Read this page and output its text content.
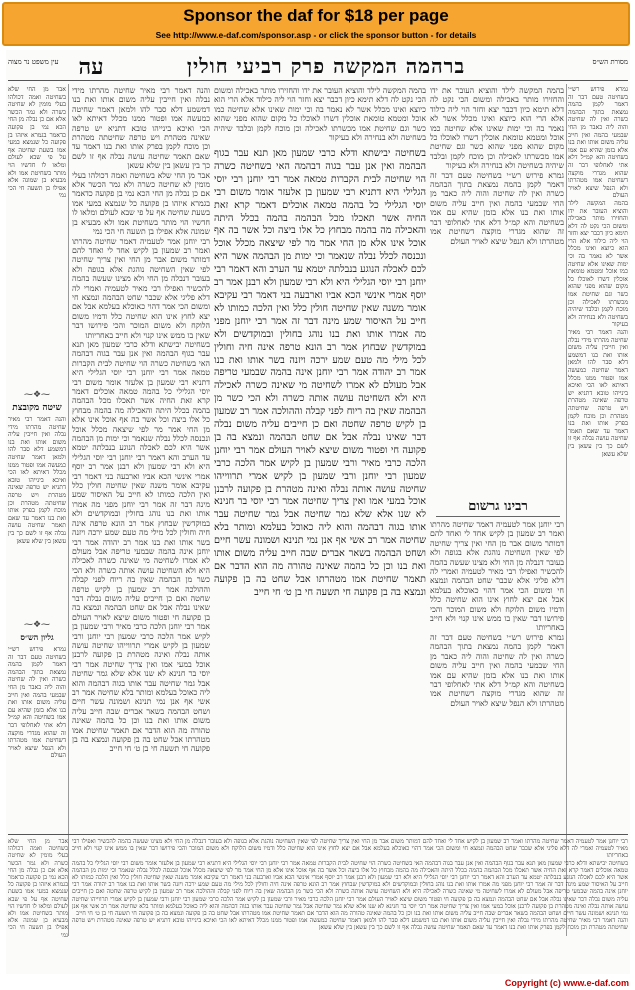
Sponsor the daf for $18 per page
See http://www.e-daf.com/sponsor.asp - or click the sponsor button - for details
מסורת הש״ס
ברהמה המקשה פרק רביעי חולין
עה
עין משפט נר מצוה
גמרא פירוש רש״י בשחיטה טעם דבר זה דאמר לקמן בהמה נמצאת בתוך הבהמה כשרה ואין לה שחיטה והוה ליה כאבר מן החי שבמעי בהמה ואין חייב עליה משום אותו ואת בנו אלא בזמן שהיא עם אמו בשחיטה והא קמ״ל דלא אתי לאחלופי דבר זה שהוא מגדרי מוקצה דשחיטת אמו מטהרתו ולא הנפל שיצא לאויר העולם
בהמה המקשה לילד והוציא העובר את ידו והחזירו מותר באכילה ומשום הכי נקט לה דלא תימא כיון דכבר יצא וחזר הוי ליה כילוד אלא הרי הוא כיוצא ואינו מכלל אשר לא נאמר בה וכי ימות שאינו אלא שחיטה כמו אוכל ומטמא טומאת אוכלין דשרו לאוכלו כל מקום שהוא מפני שהוא כשר וגם שחיטת אמו מכשרתו לאכילה וכן מוכח לקמן ובלבד שיהיה בשחיטה ולא בנחירה ולא בעיקור
והנה דאמר רבי מאיר שחיטה מהרתו מידי נבלה ואין חייבין עליה משום אותו ואת בנו דמשמע דלא סבר להו ולמאן דאמר שחיטה כמעשה אמו ופטור ממנו מכלל דאיתא לאו הכי ואיכא בינייהו טובא דתניא יש טרפה שאינה מטהרת ויש טרפה שחיטתה מטהרת וכן מוכח לקמן בפרק אותו ואת בנו דאמר עד שאם תאמר שחיטה עושה נבלה אף זו לשם כך בין עשאן בין שלא עשאן
בהמה המקשה לילד והוציא העובר את ידו והחזירו מותר באכילה ומשום הכי נקט לה דלא תימא כיון דכבר יצא וחזר הוי ליה כילוד אלא הרי הוא כיוצא ואינו מכלל אשר לא נאמר בה וכי ימות שאינו אלא שחיטה כמו אוכל ומטמא טומאת אוכלין דשרו לאוכלו כל מקום שהוא מפני שהוא כשר וגם שחיטת אמו מכשרתו לאכילה וכן מוכח לקמן ובלבד שיהיה בשחיטה ולא בנחירה ולא בעיקור
גמרא פירוש רש״י בשחיטה טעם דבר זה דאמר לקמן בהמה נמצאת בתוך הבהמה כשרה ואין לה שחיטה והוה ליה כאבר מן החי שבמעי בהמה ואין חייב עליה משום אותו ואת בנו אלא בזמן שהיא עם אמו בשחיטה והא קמ״ל דלא אתי לאחלופי דבר זה שהוא מגדרי מוקצה דשחיטת אמו מטהרתו ולא הנפל שיצא לאויר העולם
רבינו גרשום
רבי יוחנן אמר לטעמיה דאמר שחיטה מהרתו ואמר רב שמעון בן לקיש אחד לי ואחד להם דמותר משום אבר מן החי ואין צריך שחיטה לפי שאין השחיטה נוהגת אלא בגופה ולא בעובר דנבלה מן החי ולא מצינו שעשה בהמה להכשיר ואפילו רבי מאיר לטעמיה ואמרי לה דלא פליגי אלא שכבר שחט הבהמה ונמצא חי ומשום הכי אמר דהוי כאוכלא בעלמא אבל אם יצא לחוץ אינו הוא שחיטה כלל ודמיו משום הלוקח ולא משום המוכר והכי פירושו דבר שאין בו ממש אינו קנוי ולא חייב באחריותו
גמרא פירוש רש״י בשחיטה טעם דבר זה דאמר לקמן בהמה נמצאת בתוך הבהמה כשרה ואין לה שחיטה והוה ליה כאבר מן החי שבמעי בהמה ואין חייב עליה משום אותו ואת בנו אלא בזמן שהיא עם אמו בשחיטה והא קמ״ל דלא אתי לאחלופי דבר זה שהוא מגדרי מוקצה דשחיטת אמו מטהרתו ולא הנפל שיצא לאויר העולם
בשחיטה יבישתא ודלא כרבי שמעון מאן תנא עבר בגוף הבהמה ואין אנן עבר בגוה דבהמה האי בשחיטה כשרה הוי שחיטה לבית הקברות טמאה אמר רבי יוחנן רבי יוסי הגלילי היא דתניא רבי שמעון בן אלעזר אומר משום רבי יוסי הגלילי כל בהמה טמאה אוכלים דאמר קרא זאת החיה אשר תאכלו מכל הבהמה בהמה בכלל היתה והאכילה מה בהמה מבחוץ כל אלו ביצה וכל אשר בה אף אוכל אינו אלא מן החי אמר מר לפי שיצאה מכלל אוכל ונכנסה לכלל נבלה שנאמר וכי ימות מן הבהמה אשר היא לכם לאכלה הנוגע בנבלתה יטמא עד הערב והא דאמר רבי יוחנן רבי יוסי הגלילי היא ולא רבי שמעון ולא רבנן אמר רב יוסף אמרי אינשי הכא אביו וארבעה בני דאמר רבי עקיבא אומר משנה שאין שחיטה חולין כלל ואין הלכה כמותו לא חייב על האיסור שמע מינה דבר זה אמר רבי יוחנן מפני מה אמרו אותו ואת בנו נוהג בחולין ובמוקדשים ולא במוקדשין שבחוץ אמר רב הונא טרפה אינה חיה וחולין לכל מילי מה טעם שמע ירכה ויזנה בשר אותו ואת בנו אמר רב יהודה אמר רבי יוחנן אינה בהמה שבמעי טריפה אבל מעולם לא אמרו לשחיטה מי שאינה כשרה לאכילה היא ולא השחיטה עושה אותה כשרה ולא הכי כשר מן הבהמה שאין בה ריוח לפני קבלה וההולכה אמר רב שמעון בן לקיש טרפה שחטה ואם כן חייבים עליה משום נבלה דבר שאינו נבלה אבל אם שחט הבהמה ונמצא בה בן פקועה חי ופטור משום שיצא לאויר העולם אמר רבי יוחנן הלכה כרבי מאיר ורבי שמעון בן לקיש אמר הלכה כרבי שמעון רבי יוחנן ורבי שמעון בן לקיש אמרי תרווייהו שחיטה עושה אותה נבלה ואינה מטהרת בן פקועה לרבנן אוכל במעי אמו ואין צריך שחיטה אמר רבי יוסי בר חנינא לא שנו אלא שלא גמר שחיטה אבל גמר שחיטה עבר אותו בגוה דבהמה והוא ליה כאוכל בעלמא ומותר בלא שחיטה אמר רב אשי אף אנן נמי תנינא ושמונה עשר חיים ושחט הבהמה בשאר אברים שבה חייב עליה משום אותו ואת בנו וכן כל בהמה שאינה טהורה מה הוא הדבר אם תאמר שחיטת אמו מטהרתו אבל שחט בה בן פקועה ונמצא בה בן פקועה חי תשעה חי בן ט׳ חי חייב
בהמה המקשה לילד והוציא העובר את ידו והחזירו מותר באכילה ומשום הכי נקט לה דלא תימא כיון דכבר יצא וחזר הוי ליה כילוד אלא הרי הוא כיוצא ואינו מכלל אשר לא נאמר בה וכי ימות שאינו אלא שחיטה כמו אוכל ומטמא טומאת אוכלין דשרו לאוכלו כל מקום שהוא מפני שהוא כשר וגם שחיטת אמו מכשרתו לאכילה וכן מוכח לקמן ובלבד שיהיה בשחיטה ולא בנחירה ולא בעיקור
והנה דאמר רבי מאיר שחיטה מהרתו מידי נבלה ואין חייבין עליה משום אותו ואת בנו דמשמע דלא סבר להו ולמאן דאמר שחיטה כמעשה אמו ופטור ממנו מכלל דאיתא לאו הכי ואיכא בינייהו טובא דתניא יש טרפה שאינה מטהרת ויש טרפה שחיטתה מטהרת וכן מוכח לקמן בפרק אותו ואת בנו דאמר עד שאם תאמר שחיטה עושה נבלה אף זו לשם כך בין עשאן בין שלא עשאן
אבר מן החי שלא בשחיטה ואמה דכולהו בעלי מומין לא שחיטה כשרה ולא גמר הכשר אלא אם כן נבלה מן החי הכא נמי בן פקועה כדאמר בגמרא איזהו בן פקועה כל שנמצא במעי אמו בשעת שחיטה אף על פי שבא לעולם ומלאו לו חדשיו הוי מותר בשחיטת אמו ולא מבעיא בן שמונה אלא אפילו בן תשעה חי הכי נמי
רבי יוחנן אמר לטעמיה דאמר שחיטה מהרתו ואמר רב שמעון בן לקיש אחד לי ואחד להם דמותר משום אבר מן החי ואין צריך שחיטה לפי שאין השחיטה נוהגת אלא בגופה ולא בעובר דנבלה מן החי ולא מצינו שעשה בהמה להכשיר ואפילו רבי מאיר לטעמיה ואמרי לה דלא פליגי אלא שכבר שחט הבהמה ונמצא חי ומשום הכי אמר דהוי כאוכלא בעלמא אבל אם יצא לחוץ אינו הוא שחיטה כלל ודמיו משום הלוקח ולא משום המוכר והכי פירושו דבר שאין בו ממש אינו קנוי ולא חייב באחריותו
בשחיטה יבישתא ודלא כרבי שמעון מאן תנא עבר בגוף הבהמה ואין אנן עבר בגוה דבהמה האי בשחיטה כשרה הוי שחיטה לבית הקברות טמאה אמר רבי יוחנן רבי יוסי הגלילי היא דתניא רבי שמעון בן אלעזר אומר משום רבי יוסי הגלילי כל בהמה טמאה אוכלים דאמר קרא זאת החיה אשר תאכלו מכל הבהמה בהמה בכלל היתה והאכילה מה בהמה מבחוץ כל אלו ביצה וכל אשר בה אף אוכל אינו אלא מן החי אמר מר לפי שיצאה מכלל אוכל ונכנסה לכלל נבלה שנאמר וכי ימות מן הבהמה אשר היא לכם לאכלה הנוגע בנבלתה יטמא עד הערב והא דאמר רבי יוחנן רבי יוסי הגלילי היא ולא רבי שמעון ולא רבנן אמר רב יוסף אמרי אינשי הכא אביו וארבעה בני דאמר רבי עקיבא אומר משנה שאין שחיטה חולין כלל ואין הלכה כמותו לא חייב על האיסור שמע מינה דבר זה אמר רבי יוחנן מפני מה אמרו אותו ואת בנו נוהג בחולין ובמוקדשים ולא במוקדשין שבחוץ אמר רב הונא טרפה אינה חיה וחולין לכל מילי מה טעם שמע ירכה ויזנה בשר אותו ואת בנו אמר רב יהודה אמר רבי יוחנן אינה בהמה שבמעי טריפה אבל מעולם לא אמרו לשחיטה מי שאינה כשרה לאכילה היא ולא השחיטה עושה אותה כשרה ולא הכי כשר מן הבהמה שאין בה ריוח לפני קבלה וההולכה אמר רב שמעון בן לקיש טרפה שחטה ואם כן חייבים עליה משום נבלה דבר שאינו נבלה אבל אם שחט הבהמה ונמצא בה בן פקועה חי ופטור משום שיצא לאויר העולם אמר רבי יוחנן הלכה כרבי מאיר ורבי שמעון בן לקיש אמר הלכה כרבי שמעון רבי יוחנן ורבי שמעון בן לקיש אמרי תרווייהו שחיטה עושה אותה נבלה ואינה מטהרת בן פקועה לרבנן אוכל במעי אמו ואין צריך שחיטה אמר רבי יוסי בר חנינא לא שנו אלא שלא גמר שחיטה אבל גמר שחיטה עבר אותו בגוה דבהמה והוא ליה כאוכל בעלמא ומותר בלא שחיטה אמר רב אשי אף אנן נמי תנינא ושמונה עשר חיים ושחט הבהמה בשאר אברים שבה חייב עליה משום אותו ואת בנו וכן כל בהמה שאינה טהורה מה הוא הדבר אם תאמר שחיטת אמו מטהרתו אבל שחט בה בן פקועה ונמצא בה בן פקועה חי תשעה חי בן ט׳ חי חייב
אבר מן החי שלא בשחיטה ואמה דכולהו בעלי מומין לא שחיטה כשרה ולא גמר הכשר אלא אם כן נבלה מן החי הכא נמי בן פקועה כדאמר בגמרא איזהו בן פקועה כל שנמצא במעי אמו בשעת שחיטה אף על פי שבא לעולם ומלאו לו חדשיו הוי מותר בשחיטת אמו ולא מבעיא בן שמונה אלא אפילו בן תשעה חי הכי נמי
⁓❖⁓
שיטה מקובצת
והנה דאמר רבי מאיר שחיטה מהרתו מידי נבלה ואין חייבין עליה משום אותו ואת בנו דמשמע דלא סבר להו ולמאן דאמר שחיטה כמעשה אמו ופטור ממנו מכלל דאיתא לאו הכי ואיכא בינייהו טובא דתניא יש טרפה שאינה מטהרת ויש טרפה שחיטתה מטהרת וכן מוכח לקמן בפרק אותו ואת בנו דאמר עד שאם תאמר שחיטה עושה נבלה אף זו לשם כך בין עשאן בין שלא עשאן
⁓❖⁓
גליון הש״ס
גמרא פירוש רש״י בשחיטה טעם דבר זה דאמר לקמן בהמה נמצאת בתוך הבהמה כשרה ואין לה שחיטה והוה ליה כאבר מן החי שבמעי בהמה ואין חייב עליה משום אותו ואת בנו אלא בזמן שהיא עם אמו בשחיטה והא קמ״ל דלא אתי לאחלופי דבר זה שהוא מגדרי מוקצה דשחיטת אמו מטהרתו ולא הנפל שיצא לאויר העולם
רבי יוחנן אמר לטעמיה דאמר שחיטה מהרתו ואמר רב שמעון בן לקיש אחד לי ואחד להם דמותר משום אבר מן החי ואין צריך שחיטה לפי שאין השחיטה נוהגת אלא בגופה ולא בעובר דנבלה מן החי ולא מצינו שעשה בהמה להכשיר ואפילו רבי מאיר לטעמיה ואמרי לה דלא פליגי אלא שכבר שחט הבהמה ונמצא חי ומשום הכי אמר דהוי כאוכלא בעלמא אבל אם יצא לחוץ אינו הוא שחיטה כלל ודמיו משום הלוקח ולא משום המוכר והכי פירושו דבר שאין בו ממש אינו קנוי ולא חייב באחריותו
בשחיטה יבישתא ודלא כרבי שמעון מאן תנא עבר בגוף הבהמה ואין אנן עבר בגוה דבהמה האי בשחיטה כשרה הוי שחיטה לבית הקברות טמאה אמר רבי יוחנן רבי יוסי הגלילי היא דתניא רבי שמעון בן אלעזר אומר משום רבי יוסי הגלילי כל בהמה טמאה אוכלים דאמר קרא זאת החיה אשר תאכלו מכל הבהמה בהמה בכלל היתה והאכילה מה בהמה מבחוץ כל אלו ביצה וכל אשר בה אף אוכל אינו אלא מן החי אמר מר לפי שיצאה מכלל אוכל ונכנסה לכלל נבלה שנאמר וכי ימות מן הבהמה אשר היא לכם לאכלה הנוגע בנבלתה יטמא עד הערב והא דאמר רבי יוחנן רבי יוסי הגלילי היא ולא רבי שמעון ולא רבנן אמר רב יוסף אמרי אינשי הכא אביו וארבעה בני דאמר רבי עקיבא אומר משנה שאין שחיטה חולין כלל ואין הלכה כמותו לא חייב על האיסור שמע מינה דבר זה אמר רבי יוחנן מפני מה אמרו אותו ואת בנו נוהג בחולין ובמוקדשים ולא במוקדשין שבחוץ אמר רב הונא טרפה אינה חיה וחולין לכל מילי מה טעם שמע ירכה ויזנה בשר אותו ואת בנו אמר רב יהודה אמר רבי יוחנן אינה בהמה שבמעי טריפה אבל מעולם לא אמרו לשחיטה מי שאינה כשרה לאכילה היא ולא השחיטה עושה אותה כשרה ולא הכי כשר מן הבהמה שאין בה ריוח לפני קבלה וההולכה אמר רב שמעון בן לקיש טרפה שחטה ואם כן חייבים עליה משום נבלה דבר שאינו נבלה אבל אם שחט הבהמה ונמצא בה בן פקועה חי ופטור משום שיצא לאויר העולם אמר רבי יוחנן הלכה כרבי מאיר ורבי שמעון בן לקיש אמר הלכה כרבי שמעון רבי יוחנן ורבי שמעון בן לקיש אמרי תרווייהו שחיטה עושה אותה נבלה ואינה מטהרת בן פקועה לרבנן אוכל במעי אמו ואין צריך שחיטה אמר רבי יוסי בר חנינא לא שנו אלא שלא גמר שחיטה אבל גמר שחיטה עבר אותו בגוה דבהמה והוא ליה כאוכל בעלמא ומותר בלא שחיטה אמר רב אשי אף אנן נמי תנינא ושמונה עשר חיים ושחט הבהמה בשאר אברים שבה חייב עליה משום אותו ואת בנו וכן כל בהמה שאינה טהורה מה הוא הדבר אם תאמר שחיטת אמו מטהרתו אבל שחט בה בן פקועה ונמצא בה בן פקועה חי תשעה חי בן ט׳ חי חייב
והנה דאמר רבי מאיר שחיטה מהרתו מידי נבלה ואין חייבין עליה משום אותו ואת בנו דמשמע דלא סבר להו ולמאן דאמר שחיטה כמעשה אמו ופטור ממנו מכלל דאיתא לאו הכי ואיכא בינייהו טובא דתניא יש טרפה שאינה מטהרת ויש טרפה שחיטתה מטהרת וכן מוכח לקמן בפרק אותו ואת בנו דאמר עד שאם תאמר שחיטה עושה נבלה אף זו לשם כך בין עשאן בין שלא עשאן
אבר מן החי שלא בשחיטה ואמה דכולהו בעלי מומין לא שחיטה כשרה ולא גמר הכשר אלא אם כן נבלה מן החי הכא נמי בן פקועה כדאמר בגמרא איזהו בן פקועה כל שנמצא במעי אמו בשעת שחיטה אף על פי שבא לעולם ומלאו לו חדשיו הוי מותר בשחיטת אמו ולא מבעיא בן שמונה אלא אפילו בן תשעה חי הכי נמי
Copyright (c) www.e-daf.com
